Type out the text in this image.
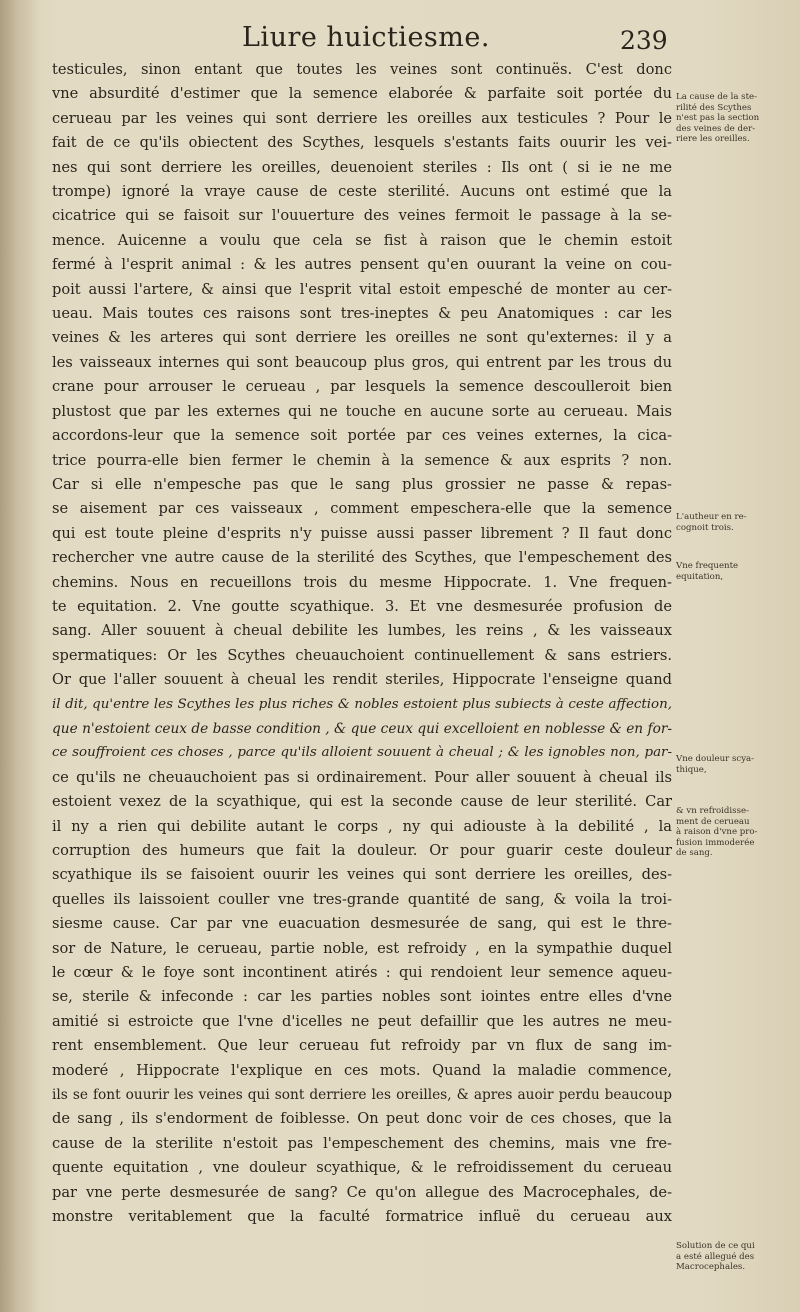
Liure huictiesme.	239
testicules, sinon entant que toutes les veines sont continuës. C'est donc
vne absurdité d'estimer que la semence elaborée & parfaite soit portée du
cerueau par les veines qui sont derriere les oreilles aux testicules ? Pour le
fait de ce qu'ils obiectent des Scythes, lesquels s'estants faits ouurir les vei-
nes qui sont derriere les oreilles, deuenoient steriles : Ils ont ( si ie ne me
trompe) ignoré la vraye cause de ceste sterilité. Aucuns ont estimé que la
cicatrice qui se faisoit sur l'ouuerture des veines fermoit le passage à la se-
mence. Auicenne a voulu que cela se fist à raison que le chemin estoit
fermé à l'esprit animal : & les autres pensent qu'en ouurant la veine on cou-
poit aussi l'artere, & ainsi que l'esprit vital estoit empesché de monter au cer-
ueau. Mais toutes ces raisons sont tres-ineptes & peu Anatomiques : car les
veines & les arteres qui sont derriere les oreilles ne sont qu'externes: il y a
les vaisseaux internes qui sont beaucoup plus gros, qui entrent par les trous du
crane pour arrouser le cerueau , par lesquels la semence descoulleroit bien
plustost que par les externes qui ne touche en aucune sorte au cerueau. Mais
accordons-leur que la semence soit portée par ces veines externes, la cica-
trice pourra-elle bien fermer le chemin à la semence & aux esprits ? non.
Car si elle n'empesche pas que le sang plus grossier ne passe & repas-
se aisement par ces vaisseaux , comment empeschera-elle que la semence
qui est toute pleine d'esprits n'y puisse aussi passer librement ? Il faut donc
rechercher vne autre cause de la sterilité des Scythes, que l'empeschement des
chemins. Nous en recueillons trois du mesme Hippocrate. 1. Vne frequen-
te equitation. 2. Vne goutte scyathique. 3. Et vne desmesurée profusion de
sang. Aller souuent à cheual debilite les lumbes, les reins , & les vaisseaux
spermatiques: Or les Scythes cheuauchoient continuellement & sans estriers.
Or que l'aller souuent à cheual les rendit steriles, Hippocrate l'enseigne quand
il dit, qu'entre les Scythes les plus riches & nobles estoient plus subiects à ceste affection,
que n'estoient ceux de basse condition , & que ceux qui excelloient en noblesse & en for-
ce souffroient ces choses , parce qu'ils alloient souuent à cheual ; & les ignobles non, par-
ce qu'ils ne cheuauchoient pas si ordinairement. Pour aller souuent à cheual ils
estoient vexez de la scyathique, qui est la seconde cause de leur sterilité. Car
il ny a rien qui debilite autant le corps , ny qui adiouste à la debilité , la
corruption des humeurs que fait la douleur. Or pour guarir ceste douleur
scyathique ils se faisoient ouurir les veines qui sont derriere les oreilles, des-
quelles ils laissoient couller vne tres-grande quantité de sang, & voila la troi-
siesme cause. Car par vne euacuation desmesurée de sang, qui est le thre-
sor de Nature, le cerueau, partie noble, est refroidy , en la sympathie duquel
le cœur & le foye sont incontinent atirés : qui rendoient leur semence aqueu-
se, sterile & infeconde : car les parties nobles sont iointes entre elles d'vne
amitié si estroicte que l'vne d'icelles ne peut defaillir que les autres ne meu-
rent ensemblement. Que leur cerueau fut refroidy par vn flux de sang im-
moderé , Hippocrate l'explique en ces mots. Quand la maladie commence,
ils se font ouurir les veines qui sont derriere les oreilles, & apres auoir perdu beaucoup
de sang , ils s'endorment de foiblesse. On peut donc voir de ces choses, que la
cause de la sterilite n'estoit pas l'empeschement des chemins, mais vne fre-
quente equitation , vne douleur scyathique, & le refroidissement du cerueau
par vne perte desmesurée de sang? Ce qu'on allegue des Macrocephales, de-
monstre veritablement que la faculté formatrice influë du cerueau aux
La cause de la ste-
rilité des Scythes
n'est pas la section
des veines de der-
riere les oreilles.
L'autheur en re-
cognoit trois.
Vne frequente
equitation,
Vne douleur scya-
thique,
& vn refroidisse-
ment de cerueau
à raison d'vne pro-
fusion immoderée
de sang.
Solution de ce qui
a esté allegué des
Macrocephales.
